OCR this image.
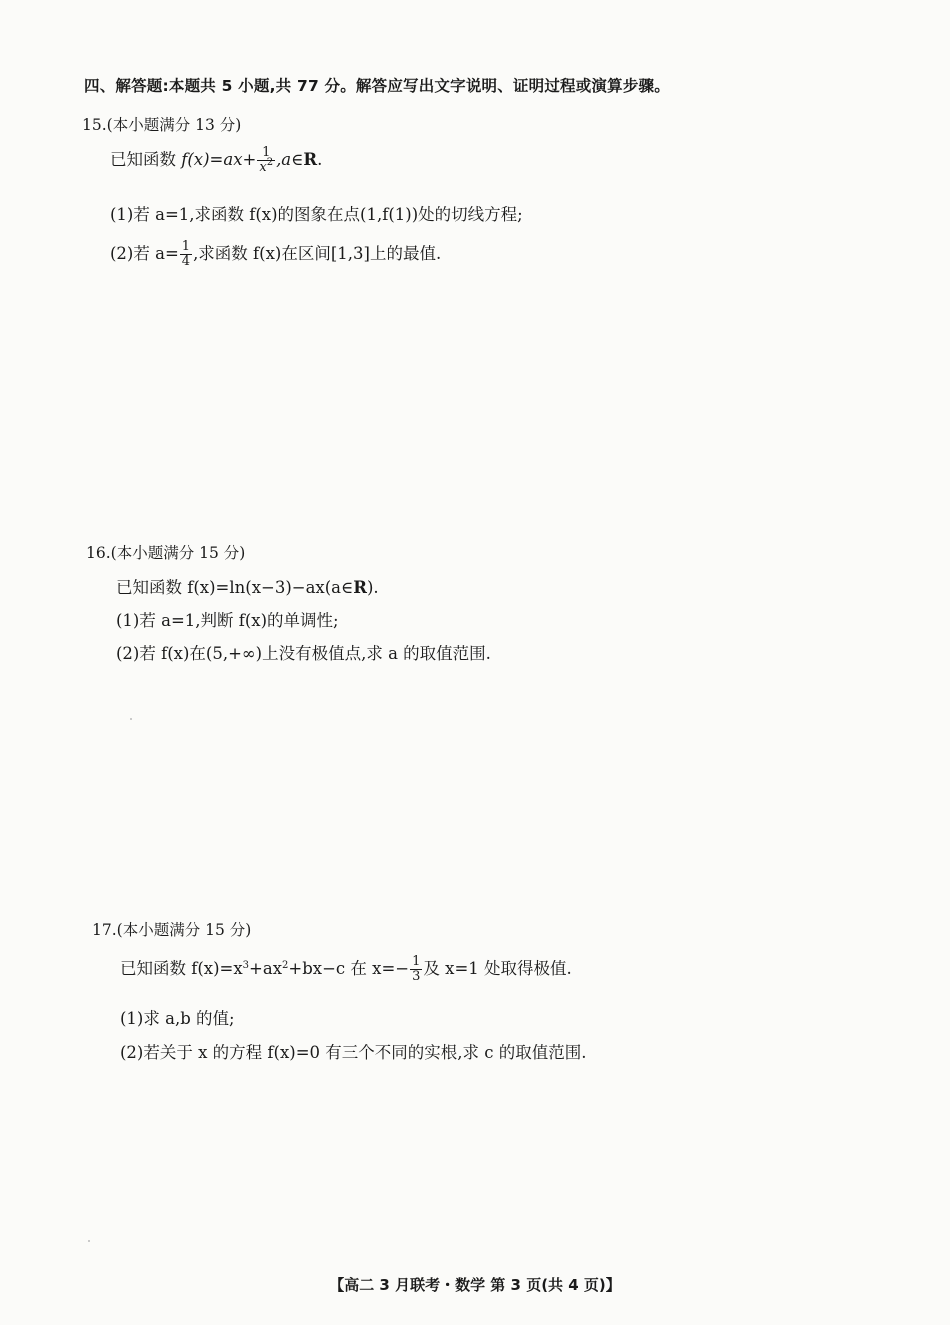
四、解答题:本题共 5 小题,共 77 分。解答应写出文字说明、证明过程或演算步骤。
15.(本小题满分 13 分)
已知函数 $f(x)=ax+ \frac{1}{x^2}$ ,a∈R.
(1)若 a=1,求函数 f(x)的图象在点(1,f(1))处的切线方程;
(2)若 $a= \frac{1}{4}$ ,求函数 f(x)在区间[1,3]上的最值.
16.(本小题满分 15 分)
已知函数 f(x)=ln(x−3)−ax(a∈R).
(1)若 a=1,判断 f(x)的单调性;
(2)若 f(x)在(5,+∞)上没有极值点,求 a 的取值范围.
17.(本小题满分 15 分)
已知函数 $f(x)=x^3+ax^2+bx-c$ 在 $x=- \frac{1}{3}$ 及 x=1 处取得极值.
(1)求 a,b 的值;
(2)若关于 x 的方程 f(x)=0 有三个不同的实根,求 c 的取值范围.
【高二 3 月联考・数学 第 3 页(共 4 页)】
